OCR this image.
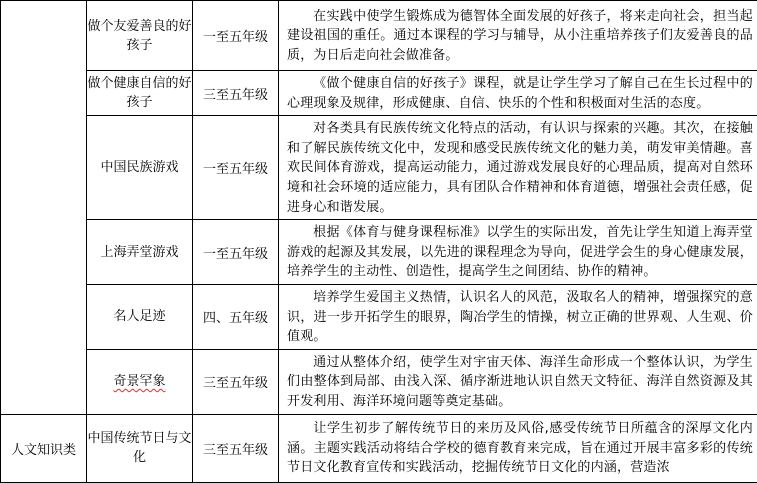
	做个友爱善良的好孩子	一至五年级	在实践中使学生锻炼成为德智体全面发展的好孩子，将来走向社会，担当起建设祖国的重任。通过本课程的学习与辅导，从小注重培养孩子们友爱善良的品质，为日后走向社会做准备。
	做个健康自信的好孩子	三至五年级	《做个健康自信的好孩子》课程，就是让学生学习了解自己在生长过程中的心理现象及规律，形成健康、自信、快乐的个性和积极面对生活的态度。
	中国民族游戏	一至五年级	对各类具有民族传统文化特点的活动，有认识与探索的兴趣。其次，在接触和了解民族传统文化中，发现和感受民族传统文化的魅力美，萌发审美情趣。喜欢民间体育游戏，提高运动能力，通过游戏发展良好的心理品质，提高对自然环境和社会环境的适应能力，具有团队合作精神和体育道德，增强社会责任感，促进身心和谐发展。
	上海弄堂游戏	一至五年级	根据《体育与健身课程标准》以学生的实际出发，首先让学生知道上海弄堂游戏的起源及其发展，以先进的课程理念为导向，促进学会生的身心健康发展，培养学生的主动性、创造性，提高学生之间团结、协作的精神。
	名人足迹	四、五年级	培养学生爱国主义热情，认识名人的风范，汲取名人的精神，增强探究的意识，进一步开拓学生的眼界，陶冶学生的情操，树立正确的世界观、人生观、价值观。
	奇景罕象	三至五年级	通过从整体介绍，使学生对宇宙天体、海洋生命形成一个整体认识，为学生们由整体到局部、由浅入深、循序渐进地认识自然天文特征、海洋自然资源及其开发利用、海洋环境问题等奠定基础。
人文知识类	中国传统节日与文化	三至五年级	让学生初步了解传统节日的来历及风俗,感受传统节日所蕴含的深厚文化内涵。主题实践活动将结合学校的德育教育来完成，旨在通过开展丰富多彩的传统节日文化教育宣传和实践活动，挖掘传统节日文化的内涵，营造浓
